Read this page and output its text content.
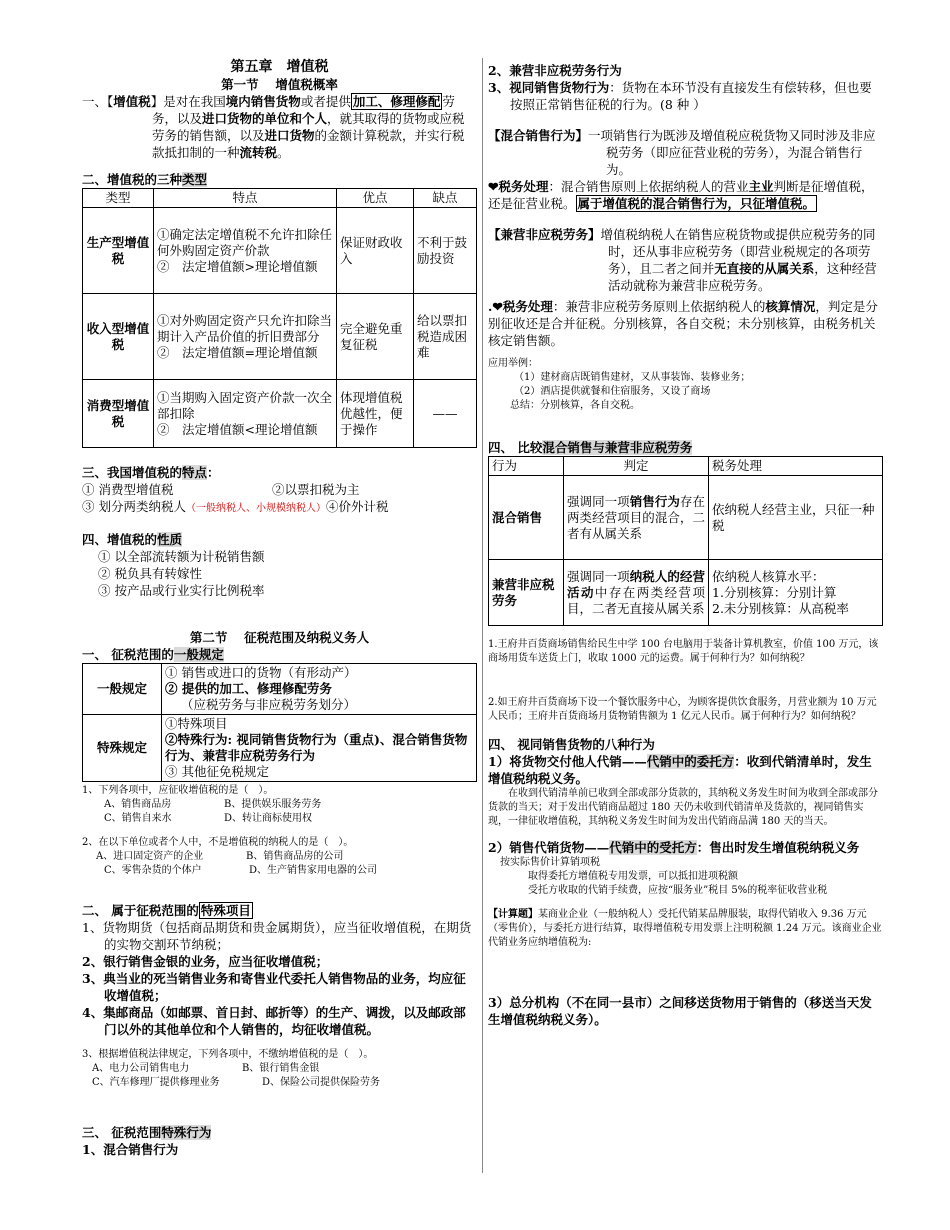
第五章　增值税
第一节　 增值税概率
一、【增值税】是对在我国境内销售货物或者提供 加工、修理修配 劳务，以及进口货物的单位和个人，就其取得的货物或应税劳务的销售额，以及进口货物的金额计算税款，并实行税款抵扣制的一种流转税。
二、增值税的三种类型
类型	特点	优点	缺点
生产型增值税	①确定法定增值税不允许扣除任何外购固定资产价款
②　法定增值额>理论增值额	保证财政收入	不利于鼓励投资
收入型增值税	①对外购固定资产只允许扣除当期计入产品价值的折旧费部分
②　法定增值额=理论增值额	完全避免重复征税	给以票扣税造成困难
消费型增值税	①当期购入固定资产价款一次全部扣除
②　法定增值额<理论增值额	体现增值税优越性，便于操作	——
三、我国增值税的特点：
① 消费型增值税	②以票扣税为主
③ 划分两类纳税人（一般纳税人、小规模纳税人）④价外计税
四、增值税的性质
① 以全部流转额为计税销售额
② 税负具有转嫁性
③ 按产品或行业实行比例税率
第二节　 征税范围及纳税义务人
一、 征税范围的一般规定
一般规定	① 销售或进口的货物（有形动产）
② 提供的加工、修理修配劳务
（应税劳务与非应税劳务划分）

特殊规定	①特殊项目
②特殊行为: 视同销售货物行为（重点)、混合销售货物行为、兼营非应税劳务行为
③ 其他征免税规定
1、下列各项中，应征收增值税的是（　）。
A、销售商品房	B、提供娱乐服务劳务
C、销售自来水	D、转让商标使用权
2、在以下单位或者个人中，不是增值税的纳税人的是（　）。
A、进口固定资产的企业	B、销售商品房的公司
C、零售杂货的个体户	D、生产销售家用电器的公司
二、 属于征税范围的 特殊项目
1、货物期货（包括商品期货和贵金属期货），应当征收增值税，在期货的实物交割环节纳税；
2、银行销售金银的业务，应当征收增值税；
3、典当业的死当销售业务和寄售业代委托人销售物品的业务，均应征收增值税；
4、集邮商品（如邮票、首日封、邮折等）的生产、调拨，以及邮政部门以外的其他单位和个人销售的，均征收增值税。
3、根据增值税法律规定，下列各项中，不缴纳增值税的是（　）。
A、电力公司销售电力	B、银行销售金银
C、汽车修理厂提供修理业务	D、保险公司提供保险劳务
三、 征税范围特殊行为
1、混合销售行为
2、兼营非应税劳务行为
3、视同销售货物行为：货物在本环节没有直接发生有偿转移，但也要按照正常销售征税的行为。(8 种 ）
【混合销售行为】一项销售行为既涉及增值税应税货物又同时涉及非应税劳务（即应征营业税的劳务），为混合销售行为。
❤税务处理：混合销售原则上依据纳税人的营业主业判断是征增值税，还是征营业税。 属于增值税的混合销售行为，只征增值税。
【兼营非应税劳务】增值税纳税人在销售应税货物或提供应税劳务的同时，还从事非应税劳务（即营业税规定的各项劳务），且二者之间并无直接的从属关系，这种经营活动就称为兼营非应税劳务。
.❤税务处理：兼营非应税劳务原则上依据纳税人的核算情况，判定是分别征收还是合并征税。分别核算，各自交税；未分别核算，由税务机关核定销售额。
应用举例：
（1）建材商店既销售建材，又从事装饰、装修业务；
（2）酒店提供就餐和住宿服务，又设了商场
总结：分别核算，各自交税。
四、 比较混合销售与兼营非应税劳务
行为	判定	税务处理
混合销售	强调同一项销售行为存在两类经营项目的混合，二者有从属关系	依纳税人经营主业，只征一种税
兼营非应税劳务	强调同一项纳税人的经营活动中存在两类经营项目，二者无直接从属关系	依纳税人核算水平：
1.分别核算：分别计算
2.未分别核算：从高税率
1.王府井百货商场销售给民生中学 100 台电脑用于装备计算机教室，价值 100 万元，该商场用货车送货上门，收取 1000 元的运费。属于何种行为？如何纳税？
2.如王府井百货商场下设一个餐饮服务中心，为顾客提供饮食服务，月营业额为 10 万元人民币；王府井百货商场月货物销售额为 1 亿元人民币。属于何种行为？如何纳税？
四、 视同销售货物的八种行为
1）将货物交付他人代销——代销中的委托方：收到代销清单时，发生增值税纳税义务。
在收到代销清单前已收到全部或部分货款的，其纳税义务发生时间为收到全部或部分货款的当天；对于发出代销商品超过 180 天仍未收到代销清单及货款的，视同销售实现，一律征收增值税，其纳税义务发生时间为发出代销商品满 180 天的当天。
2）销售代销货物——代销中的受托方：售出时发生增值税纳税义务
按实际售价计算销项税
取得委托方增值税专用发票，可以抵扣进项税额
受托方收取的代销手续费，应按“服务业”税目 5%的税率征收营业税
【计算题】某商业企业（一般纳税人）受托代销某品牌服装，取得代销收入 9.36 万元（零售价），与委托方进行结算，取得增值税专用发票上注明税额 1.24 万元。该商业企业代销业务应纳增值税为:
3）总分机构（不在同一县市）之间移送货物用于销售的（移送当天发生增值税纳税义务）。
